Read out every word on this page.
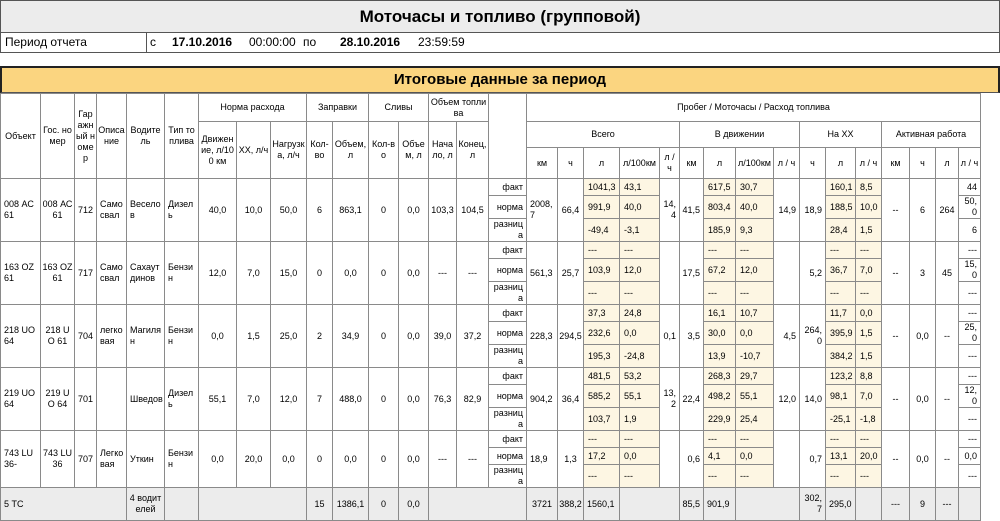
Моточасы и топливо (групповой)
Период отчета	с 17.10.2016 00:00:00 по 28.10.2016 23:59:59
Итоговые данные за период
Объект	Гос. номер	Гаражный номер	Описание	Водитель	Тип топлива	Норма расхода			Заправки		Сливы		Объем топлива			Пробег / Моточасы / Расход топлива															
						Движение, л/100 км	ХХ, л/ч	Нагрузка, л/ч	Кол-во	Объем, л	Кол-во	Объем, л	Начало, л	Конец, л		Всего					В движении				На ХХ			Активная работа			
																км	ч	л	л/100км	л / ч	км	л	л/100км	л / ч	ч	л	л / ч	км	ч	л	л / ч
008 АС 61	008 АС 61	712	Самосвал	Веселов	Дизель	40,0	10,0	50,0	6	863,1	0	0,0	103,3	104,5	факт	2008,7	66,4	1041,3	43,1	14,4	41,5	617,5	30,7	14,9	18,9	160,1	8,5	--	6	264	44
															норма			991,9	40,0			803,4	40,0			188,5	10,0				50,0
															разница			-49,4	-3,1			185,9	9,3			28,4	1,5				6
163 OZ 61	163 OZ 61	717	Самосвал	Сахаутдинов	Бензин	12,0	7,0	15,0	0	0,0	0	0,0	---	---	факт	561,3	25,7	---	---		17,5	---	---		5,2	---	---	--	3	45	---
															норма			103,9	12,0			67,2	12,0			36,7	7,0				15,0
															разница			---	---			---	---			---	---				---
218 UO 64	218 UO 61	704	легковая	Магилян	Бензин	0,0	1,5	25,0	2	34,9	0	0,0	39,0	37,2	факт	228,3	294,5	37,3	24,8	0,1	3,5	16,1	10,7	4,5	264,0	11,7	0,0	--	0,0	--	---
															норма			232,6	0,0			30,0	0,0			395,9	1,5				25,0
															разница			195,3	-24,8			13,9	-10,7			384,2	1,5				---
219 UO 64	219 UO 64	701		Шведов	Дизель	55,1	7,0	12,0	7	488,0	0	0,0	76,3	82,9	факт	904,2	36,4	481,5	53,2	13,2	22,4	268,3	29,7	12,0	14,0	123,2	8,8	--	0,0	--	---
															норма			585,2	55,1			498,2	55,1			98,1	7,0				12,0
															разница			103,7	1,9			229,9	25,4			-25,1	-1,8				---
743 LU 36-	743 LU 36	707	Легковая	Уткин	Бензин	0,0	20,0	0,0	0	0,0	0	0,0	---	---	факт	18,9	1,3	---	---		0,6	---	---		0,7	---	---	--	0,0	--	---
															норма			17,2	0,0			4,1	0,0			13,1	20,0				0,0
															разница			---	---			---	---			---	---				---
5 ТС				4 водителей					15	1386,1	0	0,0				3721	388,2	1560,1			85,5	901,9			302,7	295,0		---	9	---	
